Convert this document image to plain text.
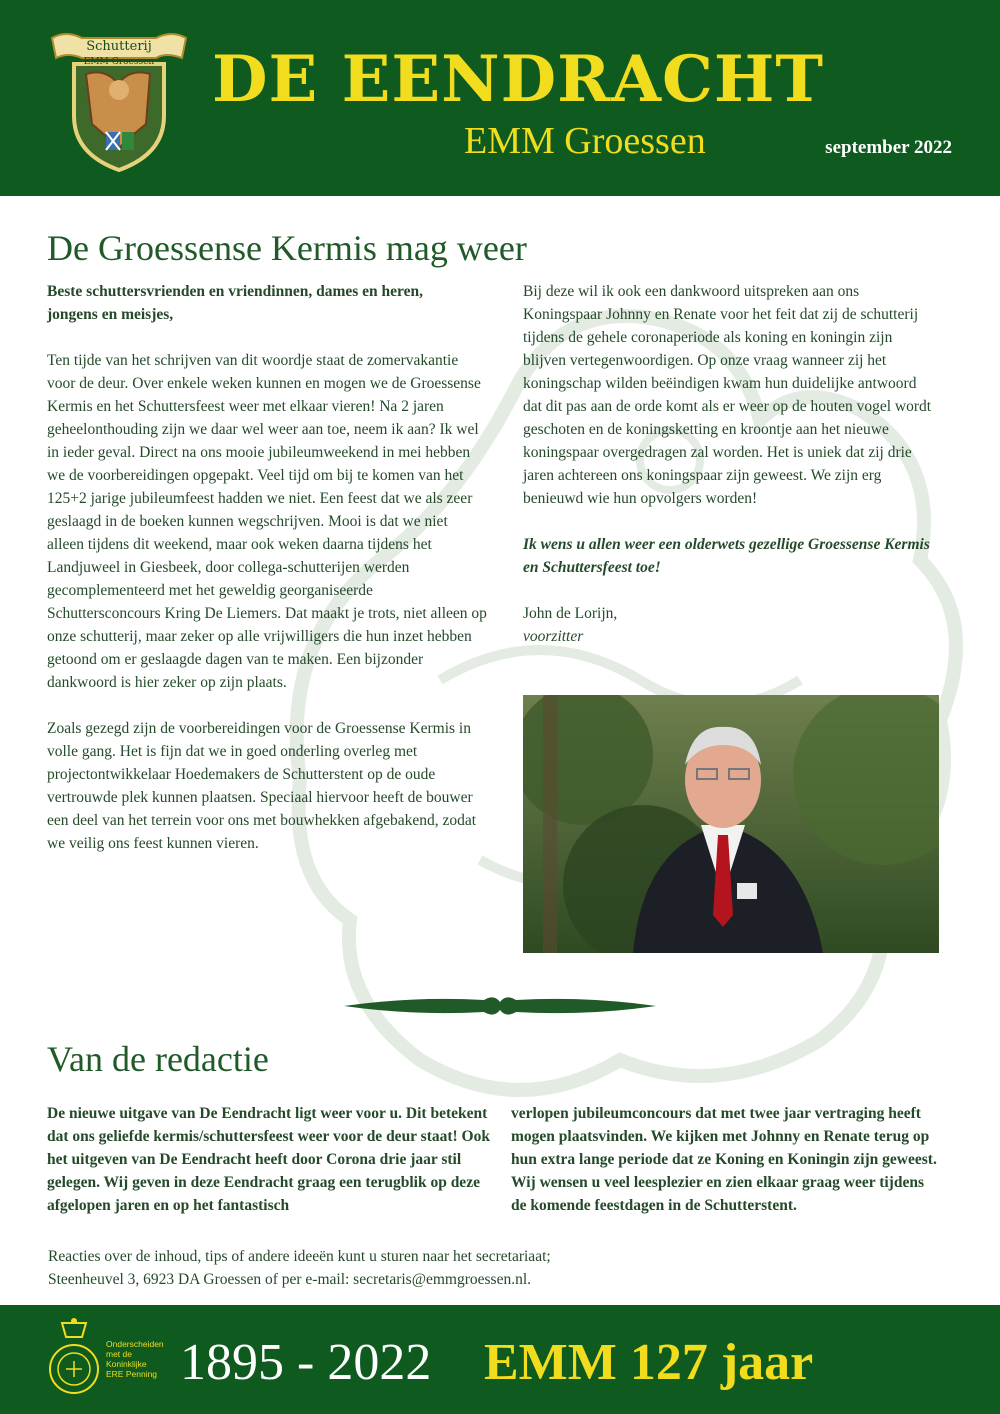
Schutterij
EMM Groessen DE EENDRACHT
EMM Groessen	september 2022
De Groessense Kermis mag weer

Beste schuttersvrienden en vriendinnen, dames en heren,
jongens en meisjes,

Ten tijde van het schrijven van dit woordje staat de zomervakantie voor de deur. Over enkele weken kunnen en mogen we de Groessense Kermis en het Schuttersfeest weer met elkaar vieren! Na 2 jaren geheelonthouding zijn we daar wel weer aan toe, neem ik aan? Ik wel in ieder geval. Direct na ons mooie jubileumweekend in mei hebben we de voorbereidingen opgepakt. Veel tijd om bij te komen van het 125+2 jarige jubileumfeest hadden we niet. Een feest dat we als zeer geslaagd in de boeken kunnen wegschrijven. Mooi is dat we niet alleen tijdens dit weekend, maar ook weken daarna tijdens het Landjuweel in Giesbeek, door collega-schutterijen werden gecomplementeerd met het geweldig georganiseerde Schuttersconcours Kring De Liemers. Dat maakt je trots, niet alleen op onze schutterij, maar zeker op alle vrijwilligers die hun inzet hebben getoond om er geslaagde dagen van te maken. Een bijzonder dankwoord is hier zeker op zijn plaats.

Zoals gezegd zijn de voorbereidingen voor de Groessense Kermis in volle gang. Het is fijn dat we in goed onderling overleg met projectontwikkelaar Hoedemakers de Schutterstent op de oude vertrouwde plek kunnen plaatsen. Speciaal hiervoor heeft de bouwer een deel van het terrein voor ons met bouwhekken afgebakend, zodat we veilig ons feest kunnen vieren.

Bij deze wil ik ook een dankwoord uitspreken aan ons Koningspaar Johnny en Renate voor het feit dat zij de schutterij tijdens de gehele coronaperiode als koning en koningin zijn blijven vertegenwoordigen. Op onze vraag wanneer zij het koningschap wilden beëindigen kwam hun duidelijke antwoord dat dit pas aan de orde komt als er weer op de houten vogel wordt geschoten en de koningsketting en kroontje aan het nieuwe koningspaar overgedragen zal worden. Het is uniek dat zij drie jaren achtereen ons koningspaar zijn geweest. We zijn erg benieuwd wie hun opvolgers worden!

Ik wens u allen weer een olderwets gezellige Groessense Kermis en Schuttersfeest toe!

John de Lorijn,
voorzitter

Van de redactie
De nieuwe uitgave van De Eendracht ligt weer voor u. Dit betekent dat ons geliefde kermis/schuttersfeest weer voor de deur staat! Ook het uitgeven van De Eendracht heeft door Corona drie jaar stil gelegen. Wij geven in deze Eendracht graag een terugblik op deze afgelopen jaren en op het fantastisch
verlopen jubileumconcours dat met twee jaar vertraging heeft mogen plaatsvinden. We kijken met Johnny en Renate terug op hun extra lange periode dat ze Koning en Koningin zijn geweest. Wij wensen u veel leesplezier en zien elkaar graag weer tijdens de komende feestdagen in de Schutterstent.
Reacties over de inhoud, tips of andere ideeën kunt u sturen naar het secretariaat;
Steenheuvel 3, 6923 DA Groessen of per e-mail: secretaris@emmgroessen.nl.
Onderscheiden
met de
Koninklijke
ERE Penning 1895 - 2022 EMM 127 jaar
